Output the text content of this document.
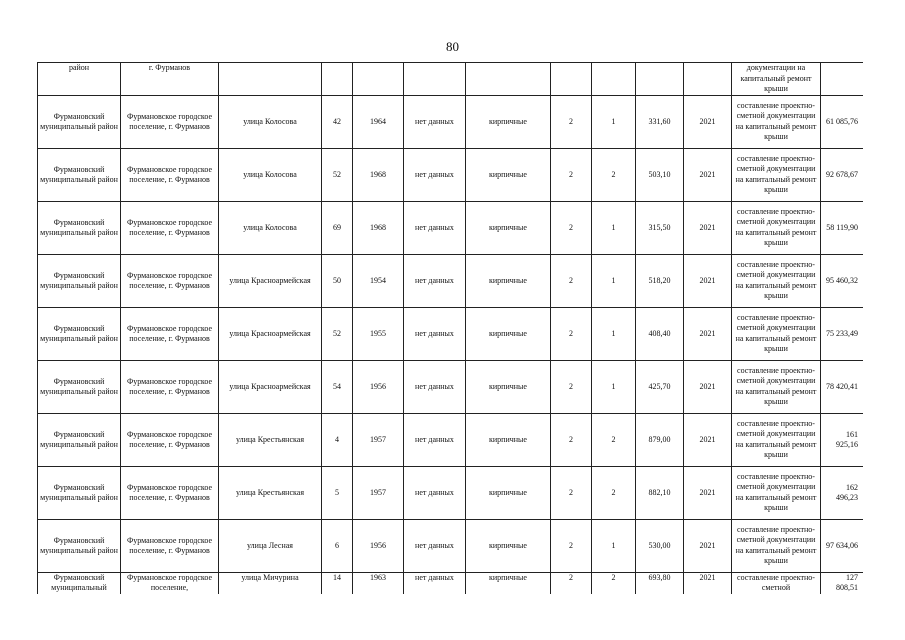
80
район	г. Фурманов										документации на капитальный ремонт крыши	
Фурмановский муниципальный район	Фурмановское городское поселение, г. Фурманов	улица Колосова	42	1964	нет данных	кирпичные	2	1	331,60	2021	составление проектно-сметной документации на капитальный ремонт крыши	61 085,76
Фурмановский муниципальный район	Фурмановское городское поселение, г. Фурманов	улица Колосова	52	1968	нет данных	кирпичные	2	2	503,10	2021	составление проектно-сметной документации на капитальный ремонт крыши	92 678,67
Фурмановский муниципальный район	Фурмановское городское поселение, г. Фурманов	улица Колосова	69	1968	нет данных	кирпичные	2	1	315,50	2021	составление проектно-сметной документации на капитальный ремонт крыши	58 119,90
Фурмановский муниципальный район	Фурмановское городское поселение, г. Фурманов	улица Красноармейская	50	1954	нет данных	кирпичные	2	1	518,20	2021	составление проектно-сметной документации на капитальный ремонт крыши	95 460,32
Фурмановский муниципальный район	Фурмановское городское поселение, г. Фурманов	улица Красноармейская	52	1955	нет данных	кирпичные	2	1	408,40	2021	составление проектно-сметной документации на капитальный ремонт крыши	75 233,49
Фурмановский муниципальный район	Фурмановское городское поселение, г. Фурманов	улица Красноармейская	54	1956	нет данных	кирпичные	2	1	425,70	2021	составление проектно-сметной документации на капитальный ремонт крыши	78 420,41
Фурмановский муниципальный район	Фурмановское городское поселение, г. Фурманов	улица Крестьянская	4	1957	нет данных	кирпичные	2	2	879,00	2021	составление проектно-сметной документации на капитальный ремонт крыши	161 925,16
Фурмановский муниципальный район	Фурмановское городское поселение, г. Фурманов	улица Крестьянская	5	1957	нет данных	кирпичные	2	2	882,10	2021	составление проектно-сметной документации на капитальный ремонт крыши	162 496,23
Фурмановский муниципальный район	Фурмановское городское поселение, г. Фурманов	улица Лесная	6	1956	нет данных	кирпичные	2	1	530,00	2021	составление проектно-сметной документации на капитальный ремонт крыши	97 634,06
Фурмановский муниципальный	Фурмановское городское поселение,	улица Мичурина	14	1963	нет данных	кирпичные	2	2	693,80	2021	составление проектно-сметной	127 808,51
